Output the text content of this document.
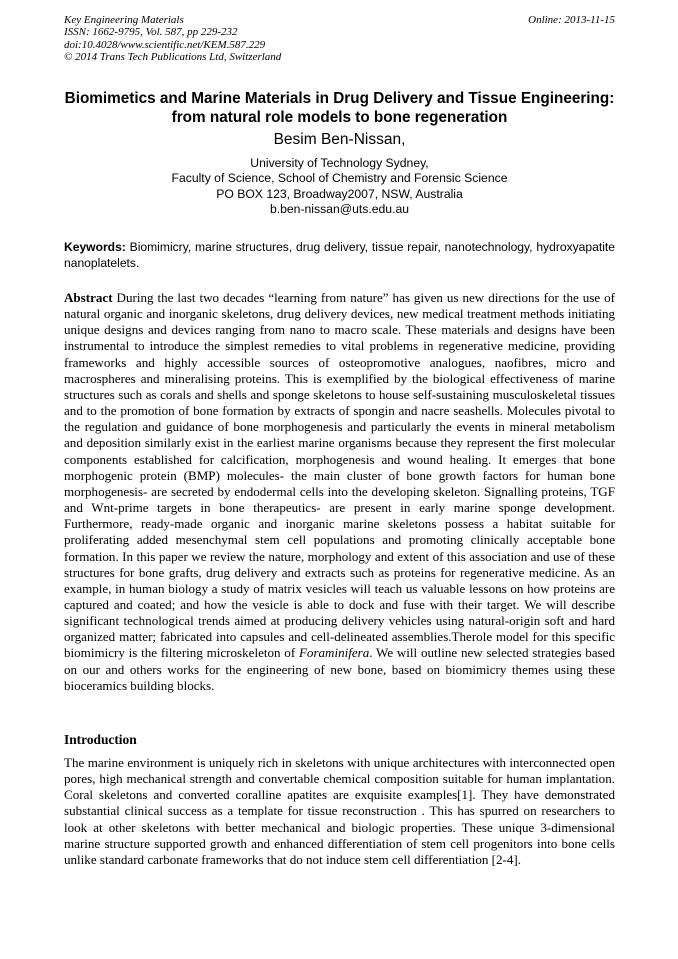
Key Engineering Materials
ISSN: 1662-9795, Vol. 587, pp 229-232
doi:10.4028/www.scientific.net/KEM.587.229
© 2014 Trans Tech Publications Ltd, Switzerland
Online: 2013-11-15
Biomimetics and Marine Materials in Drug Delivery and Tissue Engineering: from natural role models to bone regeneration
Besim Ben-Nissan,
University of Technology Sydney,
Faculty of Science, School of Chemistry and Forensic Science
PO BOX 123, Broadway2007, NSW, Australia
b.ben-nissan@uts.edu.au
Keywords: Biomimicry, marine structures, drug delivery, tissue repair, nanotechnology, hydroxyapatite nanoplatelets.

Abstract During the last two decades “learning from nature” has given us new directions for the use of natural organic and inorganic skeletons, drug delivery devices, new medical treatment methods initiating unique designs and devices ranging from nano to macro scale. These materials and designs have been instrumental to introduce the simplest remedies to vital problems in regenerative medicine, providing frameworks and highly accessible sources of osteopromotive analogues, naofibres, micro and macrospheres and mineralising proteins. This is exemplified by the biological effectiveness of marine structures such as corals and shells and sponge skeletons to house self-sustaining musculoskeletal tissues and to the promotion of bone formation by extracts of spongin and nacre seashells. Molecules pivotal to the regulation and guidance of bone morphogenesis and particularly the events in mineral metabolism and deposition similarly exist in the earliest marine organisms because they represent the first molecular components established for calcification, morphogenesis and wound healing. It emerges that bone morphogenic protein (BMP) molecules- the main cluster of bone growth factors for human bone morphogenesis- are secreted by endodermal cells into the developing skeleton. Signalling proteins, TGF and Wnt-prime targets in bone therapeutics- are present in early marine sponge development. Furthermore, ready-made organic and inorganic marine skeletons possess a habitat suitable for proliferating added mesenchymal stem cell populations and promoting clinically acceptable bone formation. In this paper we review the nature, morphology and extent of this association and use of these structures for bone grafts, drug delivery and extracts such as proteins for regenerative medicine. As an example, in human biology a study of matrix vesicles will teach us valuable lessons on how proteins are captured and coated; and how the vesicle is able to dock and fuse with their target. We will describe significant technological trends aimed at producing delivery vehicles using natural-origin soft and hard organized matter; fabricated into capsules and cell-delineated assemblies.Therole model for this specific biomimicry is the filtering microskeleton of Foraminifera. We will outline new selected strategies based on our and others works for the engineering of new bone, based on biomimicry themes using these bioceramics building blocks.

Introduction

The marine environment is uniquely rich in skeletons with unique architectures with interconnected open pores, high mechanical strength and convertable chemical composition suitable for human implantation. Coral skeletons and converted coralline apatites are exquisite examples[1]. They have demonstrated substantial clinical success as a template for tissue reconstruction . This has spurred on researchers to look at other skeletons with better mechanical and biologic properties. These unique 3-dimensional marine structure supported growth and enhanced differentiation of stem cell progenitors into bone cells unlike standard carbonate frameworks that do not induce stem cell differentiation [2-4].
